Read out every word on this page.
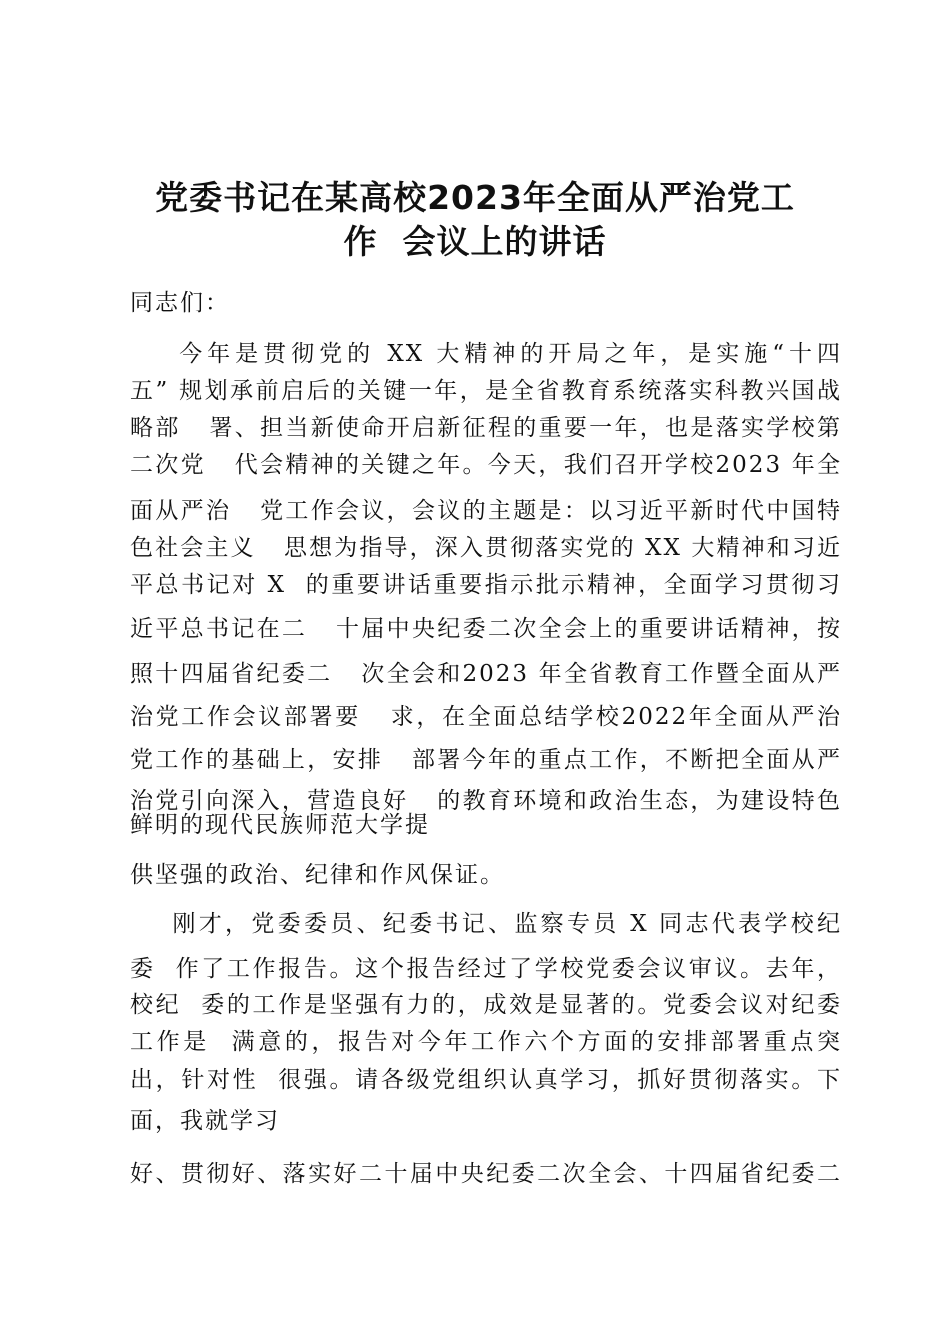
党委书记在某高校2023年全面从严治党工
作  会议上的讲话
同志们：
今年是贯彻党的 XX 大精神的开局之年，是实施“十四
五” 规划承前启后的关键一年，是全省教育系统落实科教兴国战
略部   署、担当新使命开启新征程的重要一年，也是落实学校第
二次党   代会精神的关键之年。今天，我们召开学校2023 年全
面从严治   党工作会议，会议的主题是：以习近平新时代中国特
色社会主义   思想为指导，深入贯彻落实党的 XX 大精神和习近
平总书记对 X  的重要讲话重要指示批示精神，全面学习贯彻习
近平总书记在二   十届中央纪委二次全会上的重要讲话精神，按
照十四届省纪委二   次全会和2023 年全省教育工作暨全面从严
治党工作会议部署要   求，在全面总结学校2022年全面从严治
党工作的基础上，安排   部署今年的重点工作，不断把全面从严
治党引向深入，营造良好   的教育环境和政治生态，为建设特色
鲜明的现代民族师范大学提
供坚强的政治、纪律和作风保证。
刚才，党委委员、纪委书记、监察专员 X 同志代表学校纪
委  作了工作报告。这个报告经过了学校党委会议审议。去年，
校纪  委的工作是坚强有力的，成效是显著的。党委会议对纪委
工作是  满意的，报告对今年工作六个方面的安排部署重点突
出，针对性  很强。请各级党组织认真学习，抓好贯彻落实。下
面，我就学习
好、贯彻好、落实好二十届中央纪委二次全会、十四届省纪委二
